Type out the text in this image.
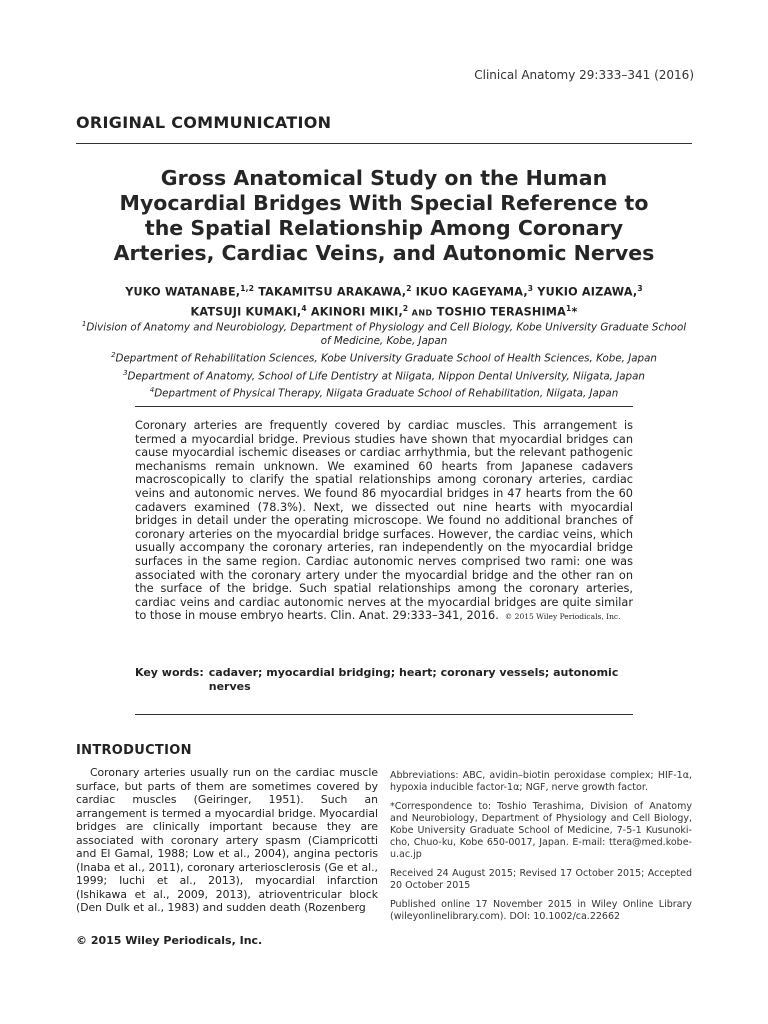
Clinical Anatomy 29:333–341 (2016)
ORIGINAL COMMUNICATION
Gross Anatomical Study on the Human
Myocardial Bridges With Special Reference to
the Spatial Relationship Among Coronary
Arteries, Cardiac Veins, and Autonomic Nerves
YUKO WATANABE,$^{1,2}$ TAKAMITSU ARAKAWA,$^2$ IKUO KAGEYAMA,$^3$ YUKIO AIZAWA,$^3$
KATSUJI KUMAKI,$^4$ AKINORI MIKI,$^2$ AND TOSHIO TERASHIMA$^1$*
$^1$Division of Anatomy and Neurobiology, Department of Physiology and Cell Biology, Kobe University Graduate School of Medicine, Kobe, Japan
$^2$Department of Rehabilitation Sciences, Kobe University Graduate School of Health Sciences, Kobe, Japan
$^3$Department of Anatomy, School of Life Dentistry at Niigata, Nippon Dental University, Niigata, Japan
$^4$Department of Physical Therapy, Niigata Graduate School of Rehabilitation, Niigata, Japan
Coronary arteries are frequently covered by cardiac muscles. This arrangement is termed a myocardial bridge. Previous studies have shown that myocardial bridges can cause myocardial ischemic diseases or cardiac arrhythmia, but the relevant pathogenic mechanisms remain unknown. We examined 60 hearts from Japanese cadavers macroscopically to clarify the spatial relationships among coronary arteries, cardiac veins and autonomic nerves. We found 86 myocardial bridges in 47 hearts from the 60 cadavers examined (78.3%). Next, we dissected out nine hearts with myocardial bridges in detail under the operating microscope. We found no additional branches of coronary arteries on the myocardial bridge surfaces. However, the cardiac veins, which usually accompany the coronary arteries, ran independently on the myocardial bridge surfaces in the same region. Cardiac autonomic nerves comprised two rami: one was associated with the coronary artery under the myocardial bridge and the other ran on the surface of the bridge. Such spatial relationships among the coronary arteries, cardiac veins and cardiac autonomic nerves at the myocardial bridges are quite similar to those in mouse embryo hearts. Clin. Anat. 29:333–341, 2016. © 2015 Wiley Periodicals, Inc.
Key words: cadaver; myocardial bridging; heart; coronary vessels; autonomic nerves
INTRODUCTION
Coronary arteries usually run on the cardiac muscle surface, but parts of them are sometimes covered by cardiac muscles (Geiringer, 1951). Such an arrangement is termed a myocardial bridge. Myocardial bridges are clinically important because they are associated with coronary artery spasm (Ciampricotti and El Gamal, 1988; Low et al., 2004), angina pectoris (Inaba et al., 2011), coronary arteriosclerosis (Ge et al., 1999; Iuchi et al., 2013), myocardial infarction (Ishikawa et al., 2009, 2013), atrioventricular block (Den Dulk et al., 1983) and sudden death (Rozenberg

Abbreviations: ABC, avidin–biotin peroxidase complex; HIF-1α, hypoxia inducible factor-1α; NGF, nerve growth factor.

*Correspondence to: Toshio Terashima, Division of Anatomy and Neurobiology, Department of Physiology and Cell Biology, Kobe University Graduate School of Medicine, 7-5-1 Kusunoki-cho, Chuo-ku, Kobe 650-0017, Japan. E-mail: ttera@med.kobe-u.ac.jp

Received 24 August 2015; Revised 17 October 2015; Accepted 20 October 2015

Published online 17 November 2015 in Wiley Online Library (wileyonlinelibrary.com). DOI: 10.1002/ca.22662

© 2015 Wiley Periodicals, Inc.
